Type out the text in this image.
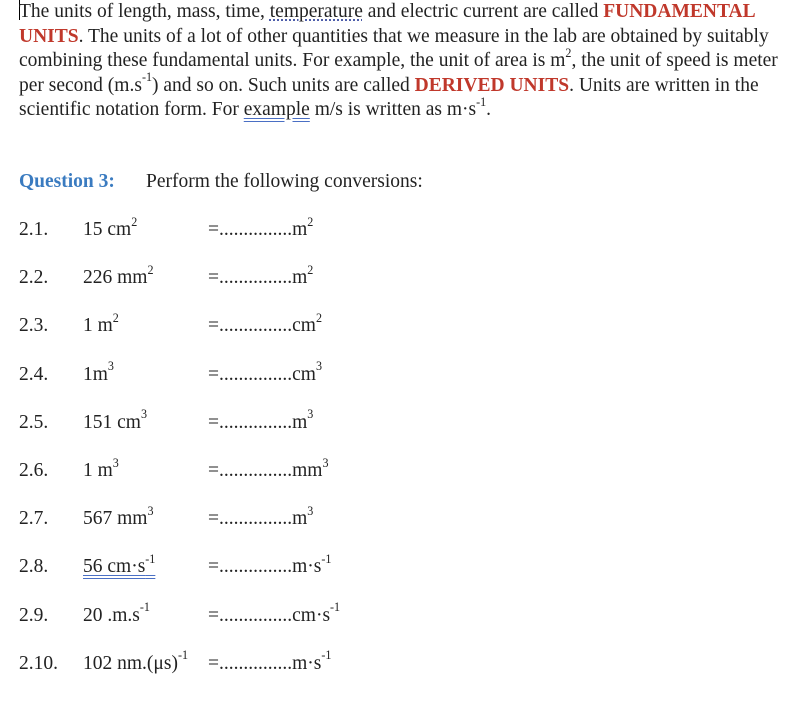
The units of length, mass, time, temperature and electric current are called FUNDAMENTAL UNITS. The units of a lot of other quantities that we measure in the lab are obtained by suitably combining these fundamental units. For example, the unit of area is $m^2$, the unit of speed is meter per second $(m.s^{-1})$ and so on. Such units are called DERIVED UNITS. Units are written in the scientific notation form. For example m/s is written as $m\cdot s^{-1}$.

Question 3: Perform the following conversions:
2.1. 15 $cm^2$	$=...............m^2$
2.2. 226 $mm^2$	$=...............m^2$
2.3. 1 $m^2$	$=...............cm^2$
2.4. $1m^3$	$=...............cm^3$
2.5. 151 $cm^3$	$=...............m^3$
2.6. 1 $m^3$	$=...............mm^3$
2.7. 567 $mm^3$	$=...............m^3$
2.8. 56 $cm\cdot s^{-1}$	$=...............m\cdot s^{-1}$
2.9. 20 $.m.s^{-1}$	$=...............cm\cdot s^{-1}$
2.10. 102 $nm.(\mu s)^{-1} =...............m\cdot s^{-1}$
